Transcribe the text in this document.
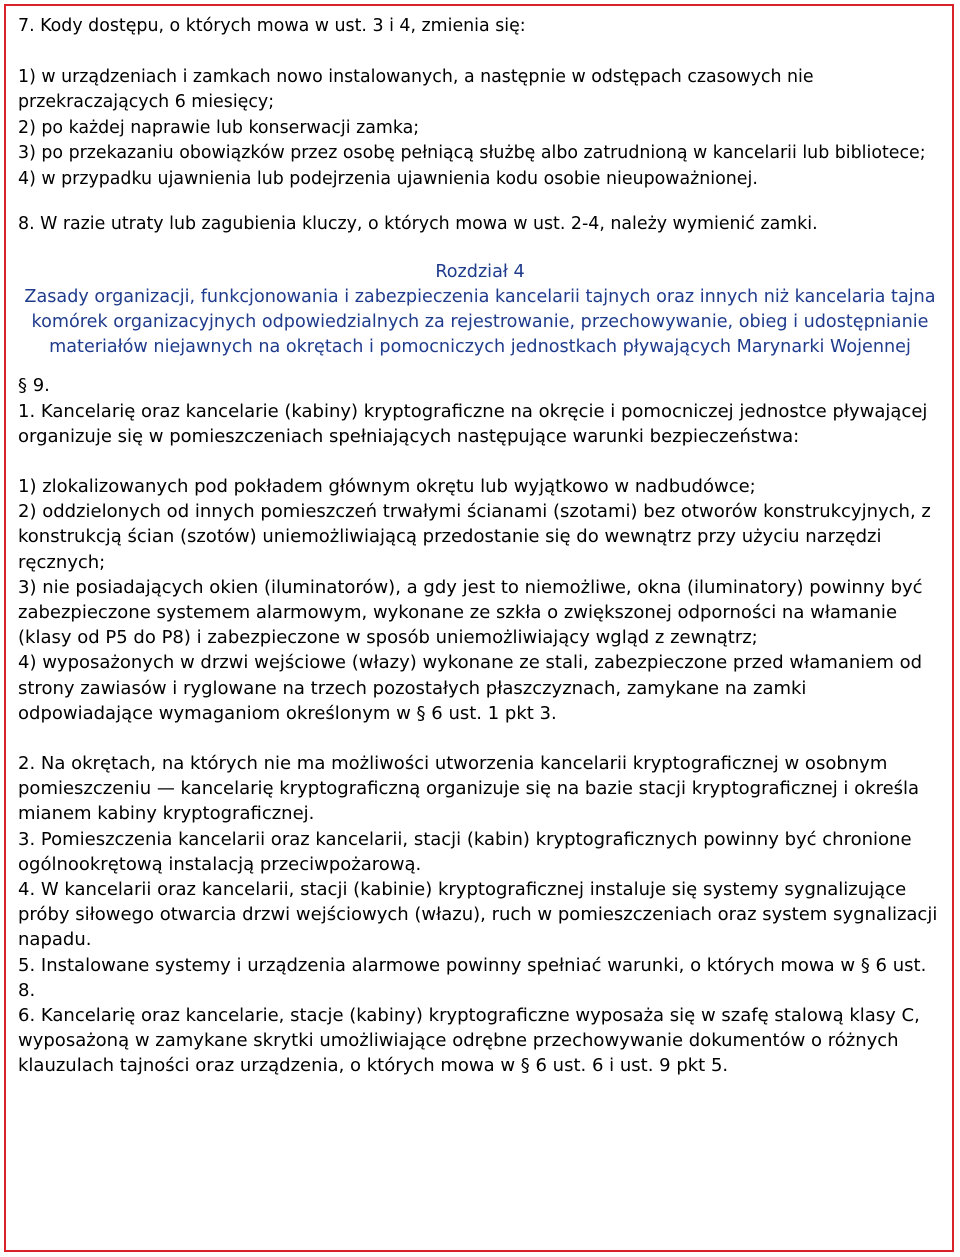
7. Kody dostępu, o których mowa w ust. 3 i 4, zmienia się:

1) w urządzeniach i zamkach nowo instalowanych, a następnie w odstępach czasowych nie przekraczających 6 miesięcy;

2) po każdej naprawie lub konserwacji zamka;

3) po przekazaniu obowiązków przez osobę pełniącą służbę albo zatrudnioną w kancelarii lub bibliotece;

4) w przypadku ujawnienia lub podejrzenia ujawnienia kodu osobie nieupoważnionej.

8. W razie utraty lub zagubienia kluczy, o których mowa w ust. 2-4, należy wymienić zamki.

Rozdział 4

Zasady organizacji, funkcjonowania i zabezpieczenia kancelarii tajnych oraz innych niż kancelaria tajna komórek organizacyjnych odpowiedzialnych za rejestrowanie, przechowywanie, obieg i udostępnianie materiałów niejawnych na okrętach i pomocniczych jednostkach pływających Marynarki Wojennej

§ 9.

1. Kancelarię oraz kancelarie (kabiny) kryptograficzne na okręcie i pomocniczej jednostce pływającej organizuje się w pomieszczeniach spełniających następujące warunki bezpieczeństwa:

1) zlokalizowanych pod pokładem głównym okrętu lub wyjątkowo w nadbudówce;

2) oddzielonych od innych pomieszczeń trwałymi ścianami (szotami) bez otworów konstrukcyjnych, z konstrukcją ścian (szotów) uniemożliwiającą przedostanie się do wewnątrz przy użyciu narzędzi ręcznych;

3) nie posiadających okien (iluminatorów), a gdy jest to niemożliwe, okna (iluminatory) powinny być zabezpieczone systemem alarmowym, wykonane ze szkła o zwiększonej odporności na włamanie (klasy od P5 do P8) i zabezpieczone w sposób uniemożliwiający wgląd z zewnątrz;

4) wyposażonych w drzwi wejściowe (włazy) wykonane ze stali, zabezpieczone przed włamaniem od strony zawiasów i ryglowane na trzech pozostałych płaszczyznach, zamykane na zamki odpowiadające wymaganiom określonym w § 6 ust. 1 pkt 3.

2. Na okrętach, na których nie ma możliwości utworzenia kancelarii kryptograficznej w osobnym pomieszczeniu — kancelarię kryptograficzną organizuje się na bazie stacji kryptograficznej i określa mianem kabiny kryptograficznej.

3. Pomieszczenia kancelarii oraz kancelarii, stacji (kabin) kryptograficznych powinny być chronione ogólnookrętową instalacją przeciwpożarową.

4. W kancelarii oraz kancelarii, stacji (kabinie) kryptograficznej instaluje się systemy sygnalizujące próby siłowego otwarcia drzwi wejściowych (włazu), ruch w pomieszczeniach oraz system sygnalizacji napadu.

5. Instalowane systemy i urządzenia alarmowe powinny spełniać warunki, o których mowa w § 6 ust. 8.

6. Kancelarię oraz kancelarie, stacje (kabiny) kryptograficzne wyposaża się w szafę stalową klasy C, wyposażoną w zamykane skrytki umożliwiające odrębne przechowywanie dokumentów o różnych klauzulach tajności oraz urządzenia, o których mowa w § 6 ust. 6 i ust. 9 pkt 5.
